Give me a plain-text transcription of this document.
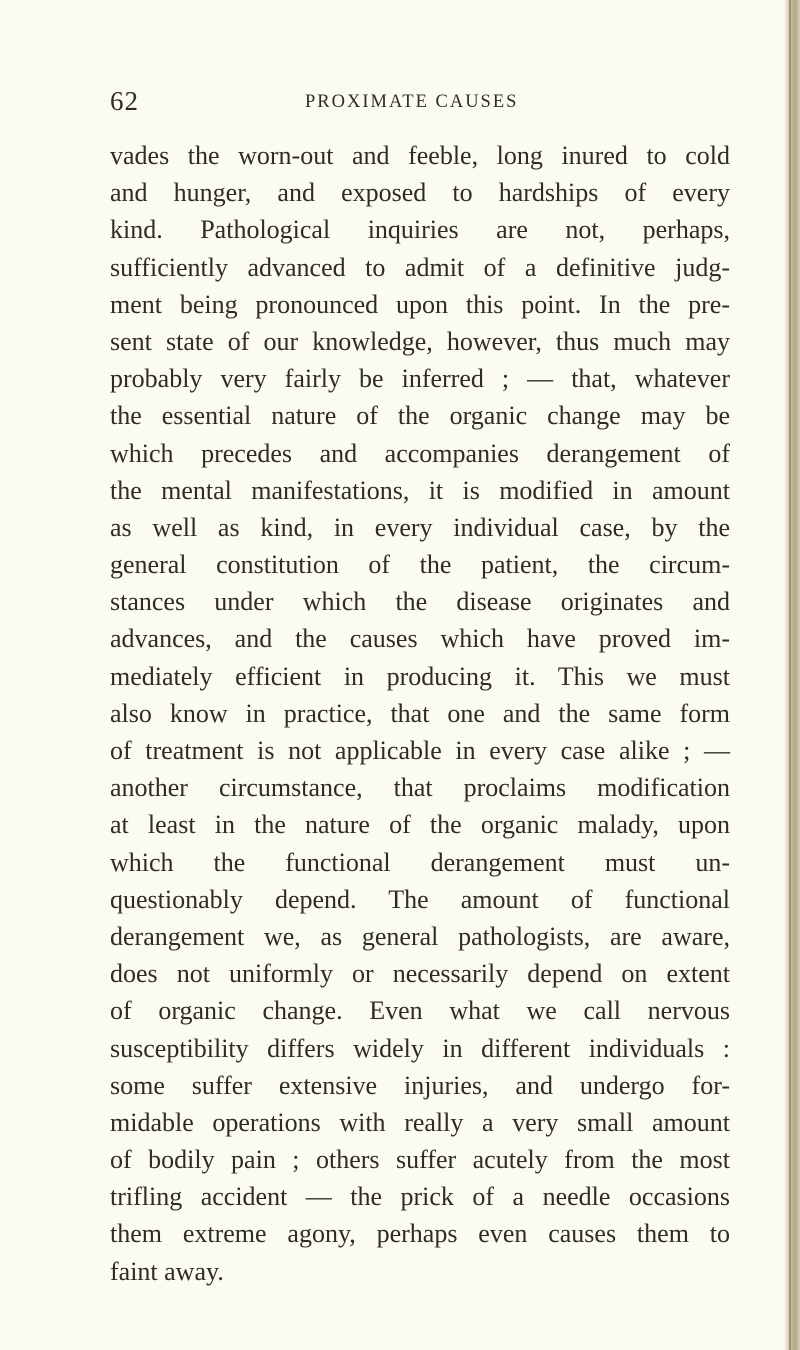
62	PROXIMATE CAUSES
vades the worn-out and feeble, long inured to cold
and hunger, and exposed to hardships of every
kind. Pathological inquiries are not, perhaps,
sufficiently advanced to admit of a definitive judg-
ment being pronounced upon this point. In the pre-
sent state of our knowledge, however, thus much may
probably very fairly be inferred ; — that, whatever
the essential nature of the organic change may be
which precedes and accompanies derangement of
the mental manifestations, it is modified in amount
as well as kind, in every individual case, by the
general constitution of the patient, the circum-
stances under which the disease originates and
advances, and the causes which have proved im-
mediately efficient in producing it. This we must
also know in practice, that one and the same form
of treatment is not applicable in every case alike ; —
another circumstance, that proclaims modification
at least in the nature of the organic malady, upon
which the functional derangement must un-
questionably depend. The amount of functional
derangement we, as general pathologists, are aware,
does not uniformly or necessarily depend on extent
of organic change. Even what we call nervous
susceptibility differs widely in different individuals :
some suffer extensive injuries, and undergo for-
midable operations with really a very small amount
of bodily pain ; others suffer acutely from the most
trifling accident — the prick of a needle occasions
them extreme agony, perhaps even causes them to
faint away.
